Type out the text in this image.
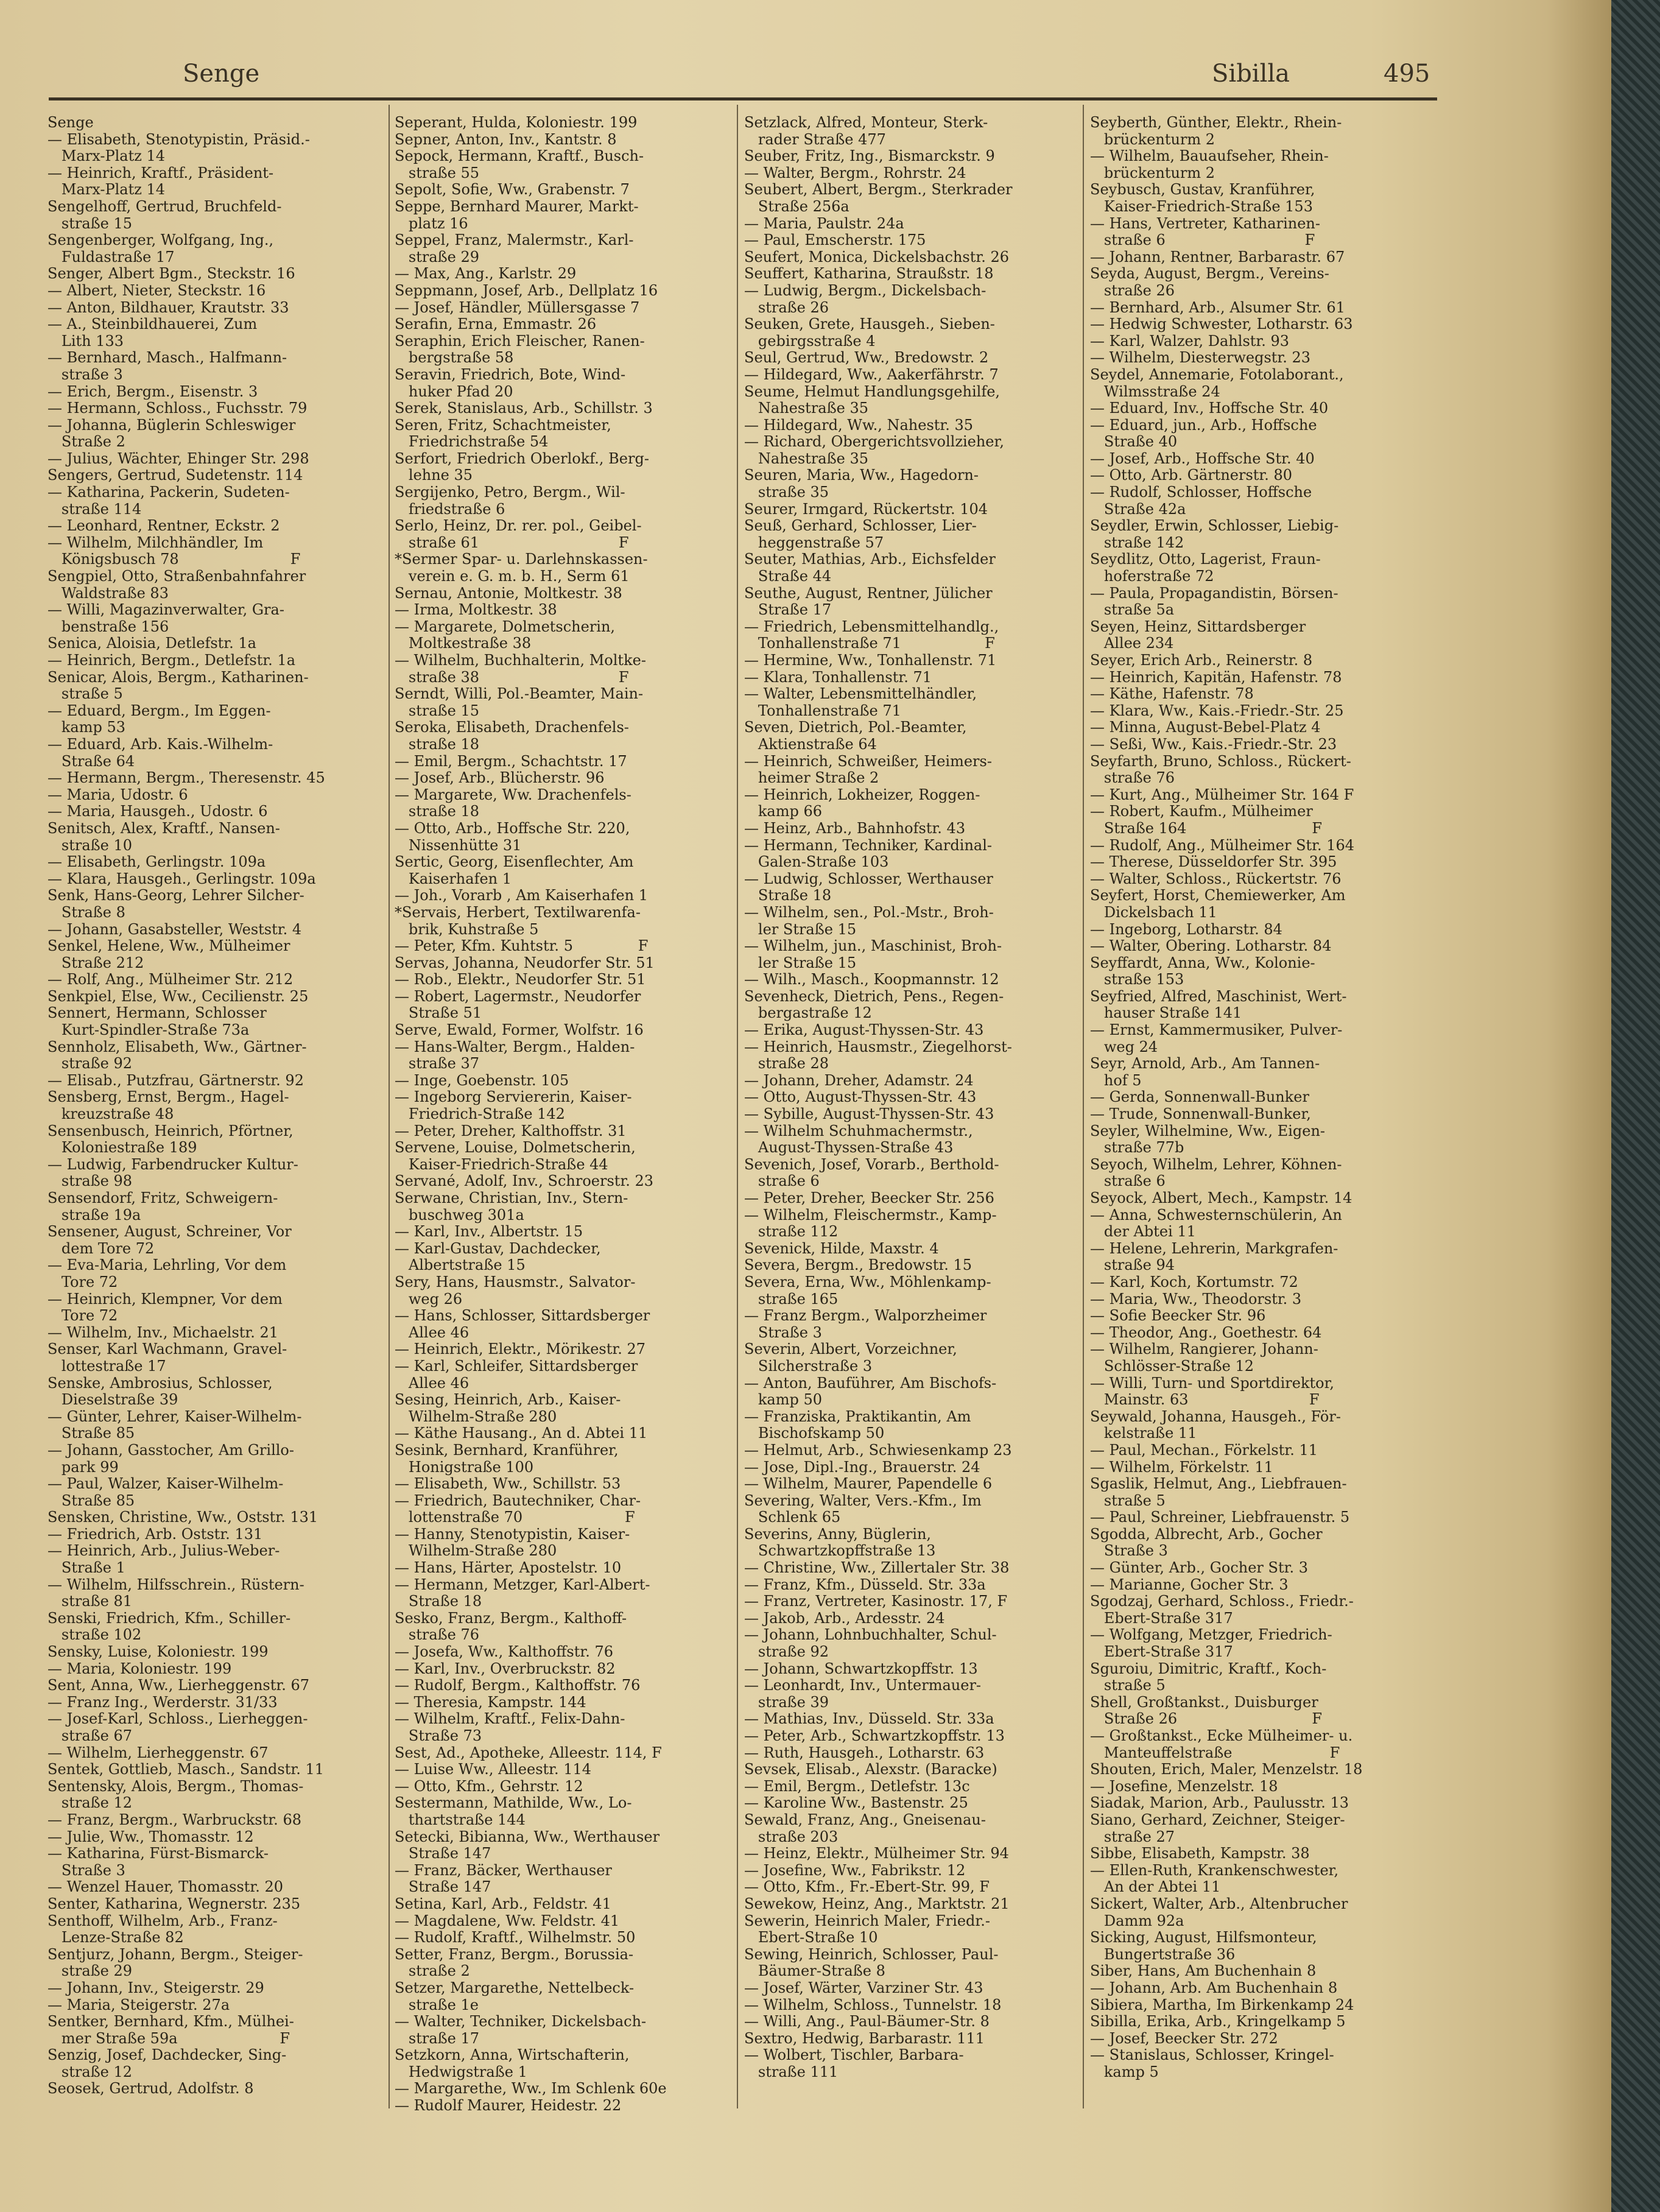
Senge	Sibilla	495
Senge
— Elisabeth, Stenotypistin, Präsid.-
Marx-Platz 14
— Heinrich, Kraftf., Präsident-
Marx-Platz 14
Sengelhoff, Gertrud, Bruchfeld-
straße 15
Sengenberger, Wolfgang, Ing.,
Fuldastraße 17
Senger, Albert Bgm., Steckstr. 16
— Albert, Nieter, Steckstr. 16
— Anton, Bildhauer, Krautstr. 33
— A., Steinbildhauerei, Zum
Lith 133
— Bernhard, Masch., Halfmann-
straße 3
— Erich, Bergm., Eisenstr. 3
— Hermann, Schloss., Fuchsstr. 79
— Johanna, Büglerin Schleswiger
Straße 2
— Julius, Wächter, Ehinger Str. 298
Sengers, Gertrud, Sudetenstr. 114
— Katharina, Packerin, Sudeten-
straße 114
— Leonhard, Rentner, Eckstr. 2
— Wilhelm, Milchhändler, Im
Königsbusch 78                        F
Sengpiel, Otto, Straßenbahnfahrer
Waldstraße 83
— Willi, Magazinverwalter, Gra-
benstraße 156
Senica, Aloisia, Detlefstr. 1a
— Heinrich, Bergm., Detlefstr. 1a
Senicar, Alois, Bergm., Katharinen-
straße 5
— Eduard, Bergm., Im Eggen-
kamp 53
— Eduard, Arb. Kais.-Wilhelm-
Straße 64
— Hermann, Bergm., Theresenstr. 45
— Maria, Udostr. 6
— Maria, Hausgeh., Udostr. 6
Senitsch, Alex, Kraftf., Nansen-
straße 10
— Elisabeth, Gerlingstr. 109a
— Klara, Hausgeh., Gerlingstr. 109a
Senk, Hans-Georg, Lehrer Silcher-
Straße 8
— Johann, Gasabsteller, Weststr. 4
Senkel, Helene, Ww., Mülheimer
Straße 212
— Rolf, Ang., Mülheimer Str. 212
Senkpiel, Else, Ww., Cecilienstr. 25
Sennert, Hermann, Schlosser
Kurt-Spindler-Straße 73a
Sennholz, Elisabeth, Ww., Gärtner-
straße 92
— Elisab., Putzfrau, Gärtnerstr. 92
Sensberg, Ernst, Bergm., Hagel-
kreuzstraße 48
Sensenbusch, Heinrich, Pförtner,
Koloniestraße 189
— Ludwig, Farbendrucker Kultur-
straße 98
Sensendorf, Fritz, Schweigern-
straße 19a
Sensener, August, Schreiner, Vor
dem Tore 72
— Eva-Maria, Lehrling, Vor dem
Tore 72
— Heinrich, Klempner, Vor dem
Tore 72
— Wilhelm, Inv., Michaelstr. 21
Senser, Karl Wachmann, Gravel-
lottestraße 17
Senske, Ambrosius, Schlosser,
Dieselstraße 39
— Günter, Lehrer, Kaiser-Wilhelm-
Straße 85
— Johann, Gasstocher, Am Grillo-
park 99
— Paul, Walzer, Kaiser-Wilhelm-
Straße 85
Sensken, Christine, Ww., Oststr. 131
— Friedrich, Arb. Oststr. 131
— Heinrich, Arb., Julius-Weber-
Straße 1
— Wilhelm, Hilfsschrein., Rüstern-
straße 81
Senski, Friedrich, Kfm., Schiller-
straße 102
Sensky, Luise, Koloniestr. 199
— Maria, Koloniestr. 199
Sent, Anna, Ww., Lierheggenstr. 67
— Franz Ing., Werderstr. 31/33
— Josef-Karl, Schloss., Lierheggen-
straße 67
— Wilhelm, Lierheggenstr. 67
Sentek, Gottlieb, Masch., Sandstr. 11
Sentensky, Alois, Bergm., Thomas-
straße 12
— Franz, Bergm., Warbruckstr. 68
— Julie, Ww., Thomasstr. 12
— Katharina, Fürst-Bismarck-
Straße 3
— Wenzel Hauer, Thomasstr. 20
Senter, Katharina, Wegnerstr. 235
Senthoff, Wilhelm, Arb., Franz-
Lenze-Straße 82
Sentjurz, Johann, Bergm., Steiger-
straße 29
— Johann, Inv., Steigerstr. 29
— Maria, Steigerstr. 27a
Sentker, Bernhard, Kfm., Mülhei-
mer Straße 59a                      F
Senzig, Josef, Dachdecker, Sing-
straße 12
Seosek, Gertrud, Adolfstr. 8
Seperant, Hulda, Koloniestr. 199
Sepner, Anton, Inv., Kantstr. 8
Sepock, Hermann, Kraftf., Busch-
straße 55
Sepolt, Sofie, Ww., Grabenstr. 7
Seppe, Bernhard Maurer, Markt-
platz 16
Seppel, Franz, Malermstr., Karl-
straße 29
— Max, Ang., Karlstr. 29
Seppmann, Josef, Arb., Dellplatz 16
— Josef, Händler, Müllersgasse 7
Serafin, Erna, Emmastr. 26
Seraphin, Erich Fleischer, Ranen-
bergstraße 58
Seravin, Friedrich, Bote, Wind-
huker Pfad 20
Serek, Stanislaus, Arb., Schillstr. 3
Seren, Fritz, Schachtmeister,
Friedrichstraße 54
Serfort, Friedrich Oberlokf., Berg-
lehne 35
Sergijenko, Petro, Bergm., Wil-
friedstraße 6
Serlo, Heinz, Dr. rer. pol., Geibel-
straße 61                              F
*Sermer Spar- u. Darlehnskassen-
verein e. G. m. b. H., Serm 61
Sernau, Antonie, Moltkestr. 38
— Irma, Moltkestr. 38
— Margarete, Dolmetscherin,
Moltkestraße 38
— Wilhelm, Buchhalterin, Moltke-
straße 38                              F
Serndt, Willi, Pol.-Beamter, Main-
straße 15
Seroka, Elisabeth, Drachenfels-
straße 18
— Emil, Bergm., Schachtstr. 17
— Josef, Arb., Blücherstr. 96
— Margarete, Ww. Drachenfels-
straße 18
— Otto, Arb., Hoffsche Str. 220,
Nissenhütte 31
Sertic, Georg, Eisenflechter, Am
Kaiserhafen 1
— Joh., Vorarb , Am Kaiserhafen 1
*Servais, Herbert, Textilwarenfa-
brik, Kuhstraße 5
— Peter, Kfm. Kuhtstr. 5              F
Servas, Johanna, Neudorfer Str. 51
— Rob., Elektr., Neudorfer Str. 51
— Robert, Lagermstr., Neudorfer
Straße 51
Serve, Ewald, Former, Wolfstr. 16
— Hans-Walter, Bergm., Halden-
straße 37
— Inge, Goebenstr. 105
— Ingeborg Serviererin, Kaiser-
Friedrich-Straße 142
— Peter, Dreher, Kalthoffstr. 31
Servene, Louise, Dolmetscherin,
Kaiser-Friedrich-Straße 44
Servané, Adolf, Inv., Schroerstr. 23
Serwane, Christian, Inv., Stern-
buschweg 301a
— Karl, Inv., Albertstr. 15
— Karl-Gustav, Dachdecker,
Albertstraße 15
Sery, Hans, Hausmstr., Salvator-
weg 26
— Hans, Schlosser, Sittardsberger
Allee 46
— Heinrich, Elektr., Mörikestr. 27
— Karl, Schleifer, Sittardsberger
Allee 46
Sesing, Heinrich, Arb., Kaiser-
Wilhelm-Straße 280
— Käthe Hausang., An d. Abtei 11
Sesink, Bernhard, Kranführer,
Honigstraße 100
— Elisabeth, Ww., Schillstr. 53
— Friedrich, Bautechniker, Char-
lottenstraße 70                      F
— Hanny, Stenotypistin, Kaiser-
Wilhelm-Straße 280
— Hans, Härter, Apostelstr. 10
— Hermann, Metzger, Karl-Albert-
Straße 18
Sesko, Franz, Bergm., Kalthoff-
straße 76
— Josefa, Ww., Kalthoffstr. 76
— Karl, Inv., Overbruckstr. 82
— Rudolf, Bergm., Kalthoffstr. 76
— Theresia, Kampstr. 144
— Wilhelm, Kraftf., Felix-Dahn-
Straße 73
Sest, Ad., Apotheke, Alleestr. 114, F
— Luise Ww., Alleestr. 114
— Otto, Kfm., Gehrstr. 12
Sestermann, Mathilde, Ww., Lo-
thartstraße 144
Setecki, Bibianna, Ww., Werthauser
Straße 147
— Franz, Bäcker, Werthauser
Straße 147
Setina, Karl, Arb., Feldstr. 41
— Magdalene, Ww. Feldstr. 41
— Rudolf, Kraftf., Wilhelmstr. 50
Setter, Franz, Bergm., Borussia-
straße 2
Setzer, Margarethe, Nettelbeck-
straße 1e
— Walter, Techniker, Dickelsbach-
straße 17
Setzkorn, Anna, Wirtschafterin,
Hedwigstraße 1
— Margarethe, Ww., Im Schlenk 60e
— Rudolf Maurer, Heidestr. 22
Setzlack, Alfred, Monteur, Sterk-
rader Straße 477
Seuber, Fritz, Ing., Bismarckstr. 9
— Walter, Bergm., Rohrstr. 24
Seubert, Albert, Bergm., Sterkrader
Straße 256a
— Maria, Paulstr. 24a
— Paul, Emscherstr. 175
Seufert, Monica, Dickelsbachstr. 26
Seuffert, Katharina, Straußstr. 18
— Ludwig, Bergm., Dickelsbach-
straße 26
Seuken, Grete, Hausgeh., Sieben-
gebirgsstraße 4
Seul, Gertrud, Ww., Bredowstr. 2
— Hildegard, Ww., Aakerfährstr. 7
Seume, Helmut Handlungsgehilfe,
Nahestraße 35
— Hildegard, Ww., Nahestr. 35
— Richard, Obergerichtsvollzieher,
Nahestraße 35
Seuren, Maria, Ww., Hagedorn-
straße 35
Seurer, Irmgard, Rückertstr. 104
Seuß, Gerhard, Schlosser, Lier-
heggenstraße 57
Seuter, Mathias, Arb., Eichsfelder
Straße 44
Seuthe, August, Rentner, Jülicher
Straße 17
— Friedrich, Lebensmittelhandlg.,
Tonhallenstraße 71                  F
— Hermine, Ww., Tonhallenstr. 71
— Klara, Tonhallenstr. 71
— Walter, Lebensmittelhändler,
Tonhallenstraße 71
Seven, Dietrich, Pol.-Beamter,
Aktienstraße 64
— Heinrich, Schweißer, Heimers-
heimer Straße 2
— Heinrich, Lokheizer, Roggen-
kamp 66
— Heinz, Arb., Bahnhofstr. 43
— Hermann, Techniker, Kardinal-
Galen-Straße 103
— Ludwig, Schlosser, Werthauser
Straße 18
— Wilhelm, sen., Pol.-Mstr., Broh-
ler Straße 15
— Wilhelm, jun., Maschinist, Broh-
ler Straße 15
— Wilh., Masch., Koopmannstr. 12
Sevenheck, Dietrich, Pens., Regen-
bergastraße 12
— Erika, August-Thyssen-Str. 43
— Heinrich, Hausmstr., Ziegelhorst-
straße 28
— Johann, Dreher, Adamstr. 24
— Otto, August-Thyssen-Str. 43
— Sybille, August-Thyssen-Str. 43
— Wilhelm Schuhmachermstr.,
August-Thyssen-Straße 43
Sevenich, Josef, Vorarb., Berthold-
straße 6
— Peter, Dreher, Beecker Str. 256
— Wilhelm, Fleischermstr., Kamp-
straße 112
Sevenick, Hilde, Maxstr. 4
Severa, Bergm., Bredowstr. 15
Severa, Erna, Ww., Möhlenkamp-
straße 165
— Franz Bergm., Walporzheimer
Straße 3
Severin, Albert, Vorzeichner,
Silcherstraße 3
— Anton, Bauführer, Am Bischofs-
kamp 50
— Franziska, Praktikantin, Am
Bischofskamp 50
— Helmut, Arb., Schwiesenkamp 23
— Jose, Dipl.-Ing., Brauerstr. 24
— Wilhelm, Maurer, Papendelle 6
Severing, Walter, Vers.-Kfm., Im
Schlenk 65
Severins, Anny, Büglerin,
Schwartzkopffstraße 13
— Christine, Ww., Zillertaler Str. 38
— Franz, Kfm., Düsseld. Str. 33a
— Franz, Vertreter, Kasinostr. 17, F
— Jakob, Arb., Ardesstr. 24
— Johann, Lohnbuchhalter, Schul-
straße 92
— Johann, Schwartzkopffstr. 13
— Leonhardt, Inv., Untermauer-
straße 39
— Mathias, Inv., Düsseld. Str. 33a
— Peter, Arb., Schwartzkopffstr. 13
— Ruth, Hausgeh., Lotharstr. 63
Sevsek, Elisab., Alexstr. (Baracke)
— Emil, Bergm., Detlefstr. 13c
— Karoline Ww., Bastenstr. 25
Sewald, Franz, Ang., Gneisenau-
straße 203
— Heinz, Elektr., Mülheimer Str. 94
— Josefine, Ww., Fabrikstr. 12
— Otto, Kfm., Fr.-Ebert-Str. 99, F
Sewekow, Heinz, Ang., Marktstr. 21
Sewerin, Heinrich Maler, Friedr.-
Ebert-Straße 10
Sewing, Heinrich, Schlosser, Paul-
Bäumer-Straße 8
— Josef, Wärter, Varziner Str. 43
— Wilhelm, Schloss., Tunnelstr. 18
— Willi, Ang., Paul-Bäumer-Str. 8
Sextro, Hedwig, Barbarastr. 111
— Wolbert, Tischler, Barbara-
straße 111
Seyberth, Günther, Elektr., Rhein-
brückenturm 2
— Wilhelm, Bauaufseher, Rhein-
brückenturm 2
Seybusch, Gustav, Kranführer,
Kaiser-Friedrich-Straße 153
— Hans, Vertreter, Katharinen-
straße 6                              F
— Johann, Rentner, Barbarastr. 67
Seyda, August, Bergm., Vereins-
straße 26
— Bernhard, Arb., Alsumer Str. 61
— Hedwig Schwester, Lotharstr. 63
— Karl, Walzer, Dahlstr. 93
— Wilhelm, Diesterwegstr. 23
Seydel, Annemarie, Fotolaborant.,
Wilmsstraße 24
— Eduard, Inv., Hoffsche Str. 40
— Eduard, jun., Arb., Hoffsche
Straße 40
— Josef, Arb., Hoffsche Str. 40
— Otto, Arb. Gärtnerstr. 80
— Rudolf, Schlosser, Hoffsche
Straße 42a
Seydler, Erwin, Schlosser, Liebig-
straße 142
Seydlitz, Otto, Lagerist, Fraun-
hoferstraße 72
— Paula, Propagandistin, Börsen-
straße 5a
Seyen, Heinz, Sittardsberger
Allee 234
Seyer, Erich Arb., Reinerstr. 8
— Heinrich, Kapitän, Hafenstr. 78
— Käthe, Hafenstr. 78
— Klara, Ww., Kais.-Friedr.-Str. 25
— Minna, August-Bebel-Platz 4
— Seßi, Ww., Kais.-Friedr.-Str. 23
Seyfarth, Bruno, Schloss., Rückert-
straße 76
— Kurt, Ang., Mülheimer Str. 164 F
— Robert, Kaufm., Mülheimer
Straße 164                           F
— Rudolf, Ang., Mülheimer Str. 164
— Therese, Düsseldorfer Str. 395
— Walter, Schloss., Rückertstr. 76
Seyfert, Horst, Chemiewerker, Am
Dickelsbach 11
— Ingeborg, Lotharstr. 84
— Walter, Obering. Lotharstr. 84
Seyffardt, Anna, Ww., Kolonie-
straße 153
Seyfried, Alfred, Maschinist, Wert-
hauser Straße 141
— Ernst, Kammermusiker, Pulver-
weg 24
Seyr, Arnold, Arb., Am Tannen-
hof 5
— Gerda, Sonnenwall-Bunker
— Trude, Sonnenwall-Bunker,
Seyler, Wilhelmine, Ww., Eigen-
straße 77b
Seyoch, Wilhelm, Lehrer, Köhnen-
straße 6
Seyock, Albert, Mech., Kampstr. 14
— Anna, Schwesternschülerin, An
der Abtei 11
— Helene, Lehrerin, Markgrafen-
straße 94
— Karl, Koch, Kortumstr. 72
— Maria, Ww., Theodorstr. 3
— Sofie Beecker Str. 96
— Theodor, Ang., Goethestr. 64
— Wilhelm, Rangierer, Johann-
Schlösser-Straße 12
— Willi, Turn- und Sportdirektor,
Mainstr. 63                          F
Seywald, Johanna, Hausgeh., För-
kelstraße 11
— Paul, Mechan., Förkelstr. 11
— Wilhelm, Förkelstr. 11
Sgaslik, Helmut, Ang., Liebfrauen-
straße 5
— Paul, Schreiner, Liebfrauenstr. 5
Sgodda, Albrecht, Arb., Gocher
Straße 3
— Günter, Arb., Gocher Str. 3
— Marianne, Gocher Str. 3
Sgodzaj, Gerhard, Schloss., Friedr.-
Ebert-Straße 317
— Wolfgang, Metzger, Friedrich-
Ebert-Straße 317
Sguroiu, Dimitric, Kraftf., Koch-
straße 5
Shell, Großtankst., Duisburger
Straße 26                             F
— Großtankst., Ecke Mülheimer- u.
Manteuffelstraße                     F
Shouten, Erich, Maler, Menzelstr. 18
— Josefine, Menzelstr. 18
Siadak, Marion, Arb., Paulusstr. 13
Siano, Gerhard, Zeichner, Steiger-
straße 27
Sibbe, Elisabeth, Kampstr. 38
— Ellen-Ruth, Krankenschwester,
An der Abtei 11
Sickert, Walter, Arb., Altenbrucher
Damm 92a
Sicking, August, Hilfsmonteur,
Bungertstraße 36
Siber, Hans, Am Buchenhain 8
— Johann, Arb. Am Buchenhain 8
Sibiera, Martha, Im Birkenkamp 24
Sibilla, Erika, Arb., Kringelkamp 5
— Josef, Beecker Str. 272
— Stanislaus, Schlosser, Kringel-
kamp 5
